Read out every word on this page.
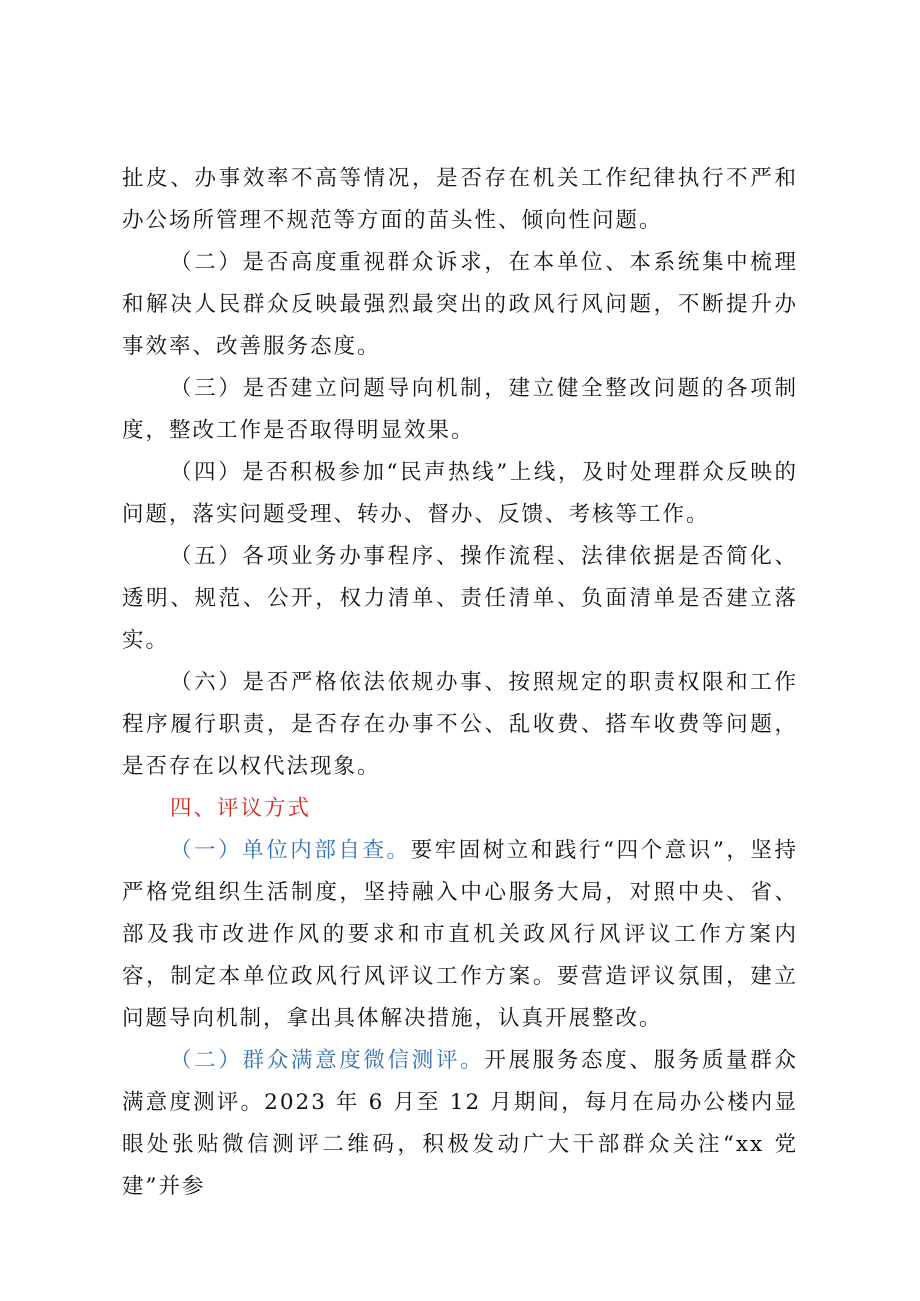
扯皮、办事效率不高等情况，是否存在机关工作纪律执行不严和办公场所管理不规范等方面的苗头性、倾向性问题。

（二）是否高度重视群众诉求，在本单位、本系统集中梳理和解决人民群众反映最强烈最突出的政风行风问题，不断提升办事效率、改善服务态度。

（三）是否建立问题导向机制，建立健全整改问题的各项制度，整改工作是否取得明显效果。

（四）是否积极参加“民声热线”上线，及时处理群众反映的问题，落实问题受理、转办、督办、反馈、考核等工作。

（五）各项业务办事程序、操作流程、法律依据是否简化、透明、规范、公开，权力清单、责任清单、负面清单是否建立落实。

（六）是否严格依法依规办事、按照规定的职责权限和工作程序履行职责，是否存在办事不公、乱收费、搭车收费等问题，是否存在以权代法现象。

四、评议方式

（一）单位内部自查。要牢固树立和践行“四个意识”，坚持严格党组织生活制度，坚持融入中心服务大局，对照中央、省、部及我市改进作风的要求和市直机关政风行风评议工作方案内容，制定本单位政风行风评议工作方案。要营造评议氛围，建立问题导向机制，拿出具体解决措施，认真开展整改。

（二）群众满意度微信测评。开展服务态度、服务质量群众满意度测评。2023 年 6 月至 12 月期间，每月在局办公楼内显眼处张贴微信测评二维码，积极发动广大干部群众关注“xx 党建”并参
